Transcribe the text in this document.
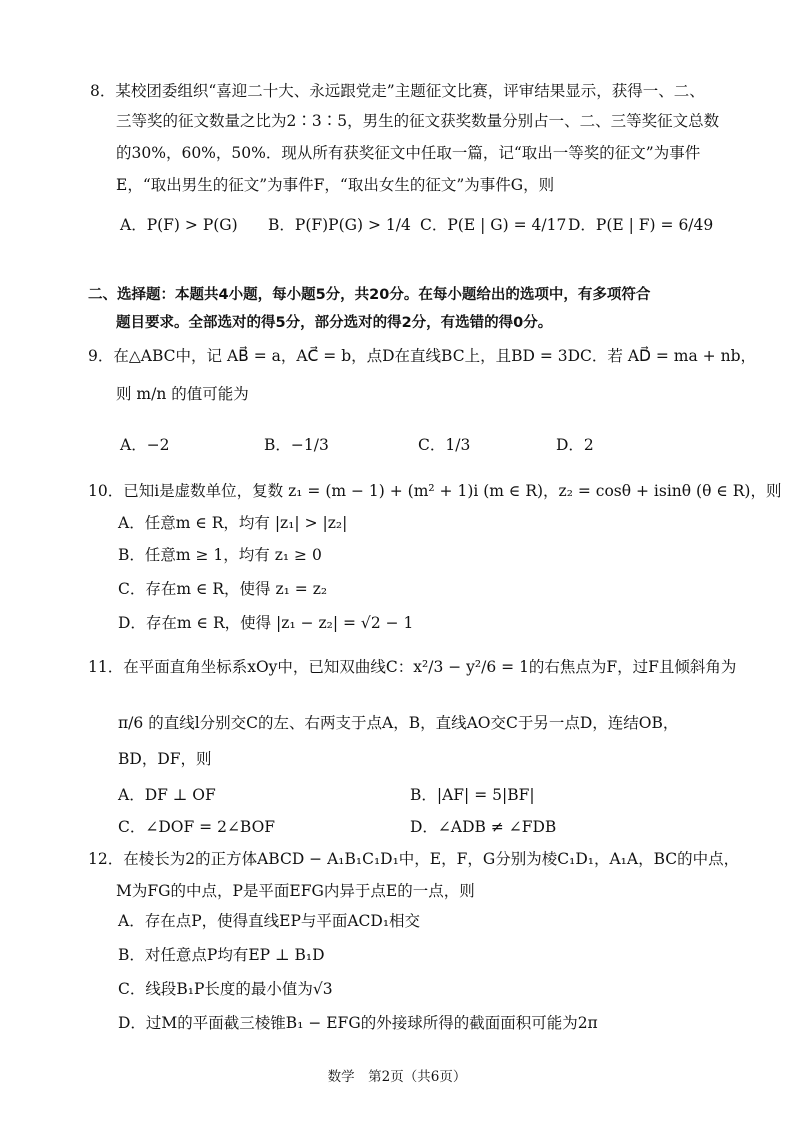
8．某校团委组织“喜迎二十大、永远跟党走”主题征文比赛，评审结果显示，获得一、二、
三等奖的征文数量之比为2∶3∶5，男生的征文获奖数量分别占一、二、三等奖征文总数
的30%，60%，50%．现从所有获奖征文中任取一篇，记“取出一等奖的征文”为事件
E，“取出男生的征文”为事件F，“取出女生的征文”为事件G，则
A．P(F) > P(G) B．P(F)P(G) > 1/4 C．P(E | G) = 4/17 D．P(E | F) = 6/49
二、选择题：本题共4小题，每小题5分，共20分。在每小题给出的选项中，有多项符合
题目要求。全部选对的得5分，部分选对的得2分，有选错的得0分。
9．在△ABC中，记 AB⃗ = a，AC⃗ = b，点D在直线BC上，且BD = 3DC．若 AD⃗ = ma + nb，
则 m/n 的值可能为
A．−2	B．−1/3	C．1/3	D．2
10．已知i是虚数单位，复数 z₁ = (m − 1) + (m² + 1)i (m ∈ R)，z₂ = cosθ + isinθ (θ ∈ R)，则
A．任意m ∈ R，均有 |z₁| > |z₂|
B．任意m ≥ 1，均有 z₁ ≥ 0
C．存在m ∈ R，使得 z₁ = z₂
D．存在m ∈ R，使得 |z₁ − z₂| = √2 − 1
11．在平面直角坐标系xOy中，已知双曲线C：x²/3 − y²/6 = 1的右焦点为F，过F且倾斜角为
π/6 的直线l分别交C的左、右两支于点A，B，直线AO交C于另一点D，连结OB，
BD，DF，则
A．DF ⊥ OF	B．|AF| = 5|BF|
C．∠DOF = 2∠BOF	D．∠ADB ≠ ∠FDB
12．在棱长为2的正方体ABCD − A₁B₁C₁D₁中，E，F，G分别为棱C₁D₁，A₁A，BC的中点，
M为FG的中点，P是平面EFG内异于点E的一点，则
A．存在点P，使得直线EP与平面ACD₁相交
B．对任意点P均有EP ⊥ B₁D
C．线段B₁P长度的最小值为√3
D．过M的平面截三棱锥B₁ − EFG的外接球所得的截面面积可能为2π
数学　第2页（共6页）
